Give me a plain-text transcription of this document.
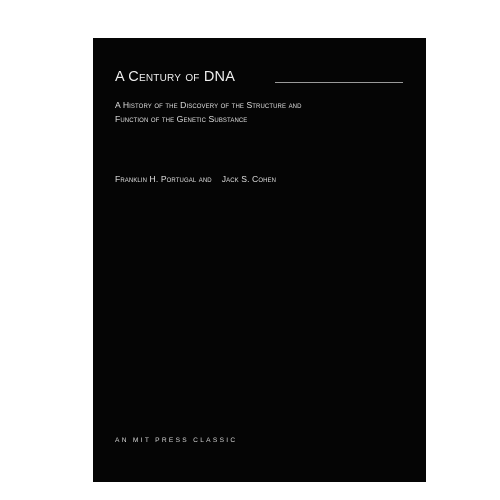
A Century of DNA
A History of the Discovery of the Structure and
Function of the Genetic Substance
Franklin H. Portugal and Jack S. Cohen
AN MIT PRESS CLASSIC
